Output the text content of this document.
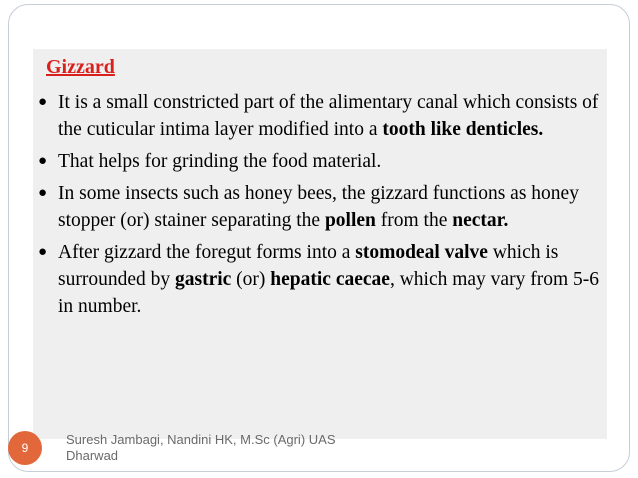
Gizzard
● It is a small constricted part of the alimentary canal which consists of the cuticular intima layer modified into a tooth like denticles.
● That helps for grinding the food material.
● In some insects such as honey bees, the gizzard functions as honey stopper (or) stainer separating the pollen from the nectar.
● After gizzard the foregut forms into a stomodeal valve which is surrounded by gastric (or) hepatic caecae, which may vary from 5-6 in number.
9
Suresh Jambagi, Nandini HK, M.Sc (Agri) UAS Dharwad
